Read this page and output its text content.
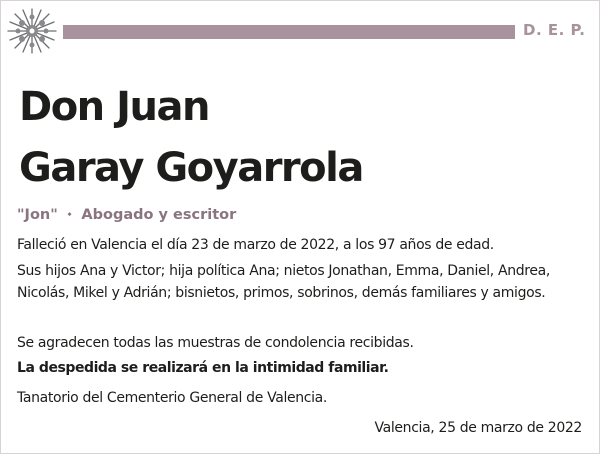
D. E. P.
Don Juan
Garay Goyarrola
"Jon" ⬩ Abogado y escritor
Falleció en Valencia el día 23 de marzo de 2022, a los 97 años de edad.
Sus hijos Ana y Victor; hija política Ana; nietos Jonathan, Emma, Daniel, Andrea, Nicolás, Mikel y Adrián; bisnietos, primos, sobrinos, demás familiares y amigos.
Se agradecen todas las muestras de condolencia recibidas.
La despedida se realizará en la intimidad familiar.
Tanatorio del Cementerio General de Valencia.
Valencia, 25 de marzo de 2022
